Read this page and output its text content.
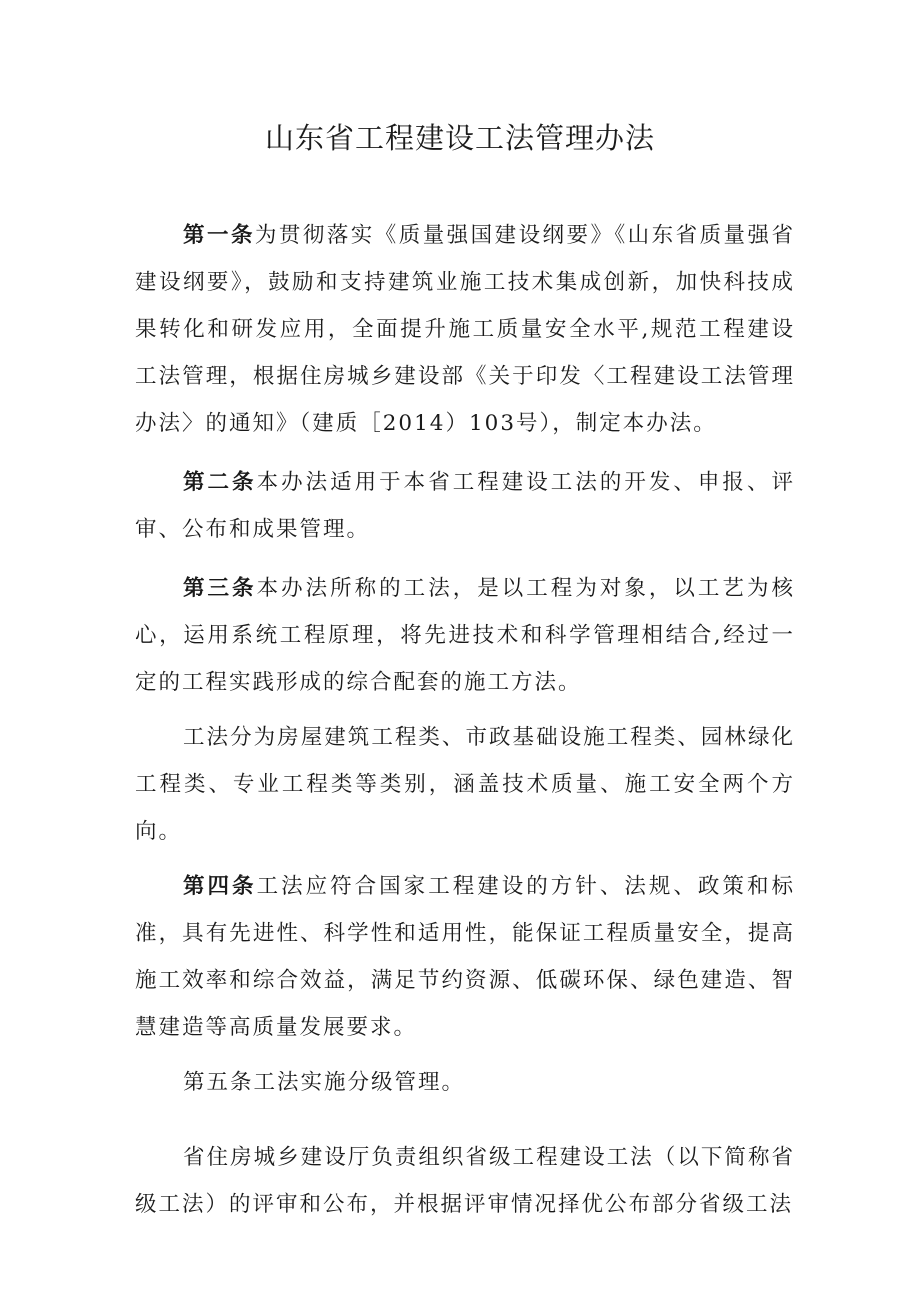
山东省工程建设工法管理办法

第一条为贯彻落实《质量强国建设纲要》《山东省质量强省建设纲要》，鼓励和支持建筑业施工技术集成创新，加快科技成果转化和研发应用，全面提升施工质量安全水平,规范工程建设工法管理，根据住房城乡建设部《关于印发〈工程建设工法管理办法〉的通知》（建质［2014）103号），制定本办法。

第二条本办法适用于本省工程建设工法的开发、申报、评审、公布和成果管理。

第三条本办法所称的工法，是以工程为对象，以工艺为核心，运用系统工程原理，将先进技术和科学管理相结合,经过一定的工程实践形成的综合配套的施工方法。

工法分为房屋建筑工程类、市政基础设施工程类、园林绿化工程类、专业工程类等类别，涵盖技术质量、施工安全两个方向。

第四条工法应符合国家工程建设的方针、法规、政策和标准，具有先进性、科学性和适用性，能保证工程质量安全，提高施工效率和综合效益，满足节约资源、低碳环保、绿色建造、智慧建造等高质量发展要求。

第五条工法实施分级管理。

省住房城乡建设厅负责组织省级工程建设工法（以下简称省级工法）的评审和公布，并根据评审情况择优公布部分省级工法
